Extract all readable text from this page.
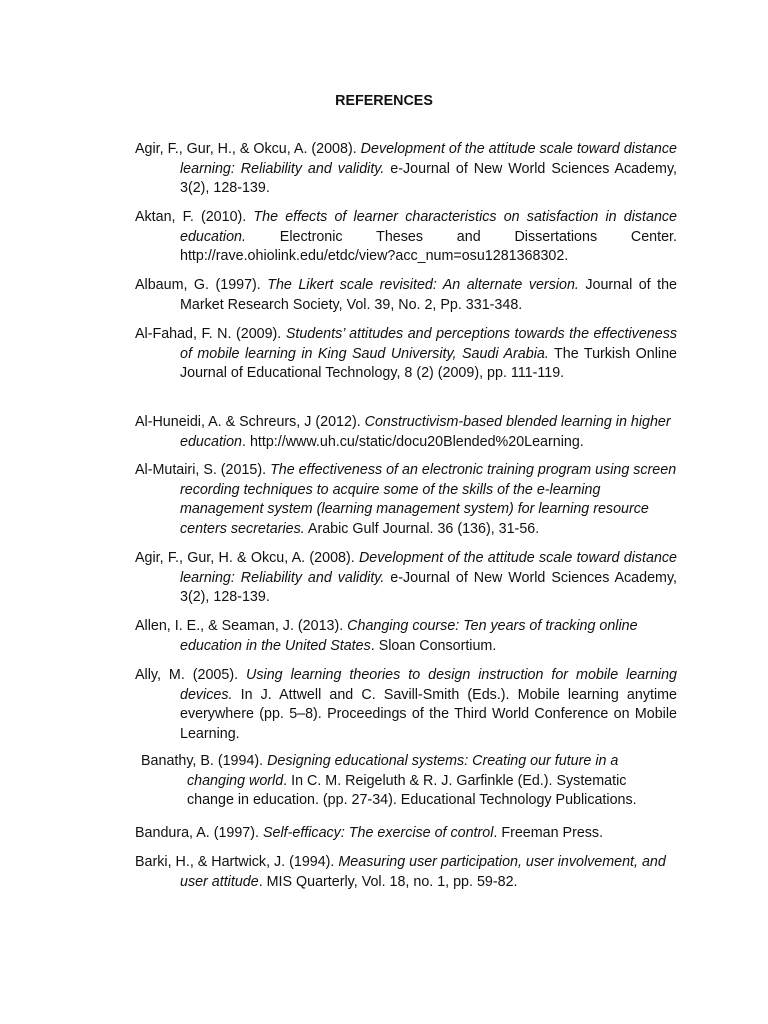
REFERENCES
Agir, F., Gur, H., & Okcu, A. (2008). Development of the attitude scale toward distance learning: Reliability and validity. e-Journal of New World Sciences Academy, 3(2), 128-139.
Aktan, F. (2010). The effects of learner characteristics on satisfaction in distance education. Electronic Theses and Dissertations Center. http://rave.ohiolink.edu/etdc/view?acc_num=osu1281368302.
Albaum, G. (1997). The Likert scale revisited: An alternate version. Journal of the Market Research Society, Vol. 39, No. 2, Pp. 331-348.
Al-Fahad, F. N. (2009). Students’ attitudes and perceptions towards the effectiveness of mobile learning in King Saud University, Saudi Arabia. The Turkish Online Journal of Educational Technology, 8 (2) (2009), pp. 111-119.
Al-Huneidi, A. & Schreurs, J (2012). Constructivism-based blended learning in higher education. http://www.uh.cu/static/docu20Blended%20Learning.
Al-Mutairi, S. (2015). The effectiveness of an electronic training program using screen recording techniques to acquire some of the skills of the e-learning management system (learning management system) for learning resource centers secretaries. Arabic Gulf Journal. 36 (136), 31-56.
Agir, F., Gur, H. & Okcu, A. (2008). Development of the attitude scale toward distance learning: Reliability and validity. e-Journal of New World Sciences Academy, 3(2), 128-139.
Allen, I. E., & Seaman, J. (2013). Changing course: Ten years of tracking online education in the United States. Sloan Consortium.
Ally, M. (2005). Using learning theories to design instruction for mobile learning devices. In J. Attwell and C. Savill-Smith (Eds.). Mobile learning anytime everywhere (pp. 5–8). Proceedings of the Third World Conference on Mobile Learning.
Banathy, B. (1994). Designing educational systems: Creating our future in a changing world. In C. M. Reigeluth & R. J. Garfinkle (Ed.). Systematic change in education. (pp. 27-34). Educational Technology Publications.
Bandura, A. (1997). Self-efficacy: The exercise of control. Freeman Press.
Barki, H., & Hartwick, J. (1994). Measuring user participation, user involvement, and user attitude. MIS Quarterly, Vol. 18, no. 1, pp. 59-82.
